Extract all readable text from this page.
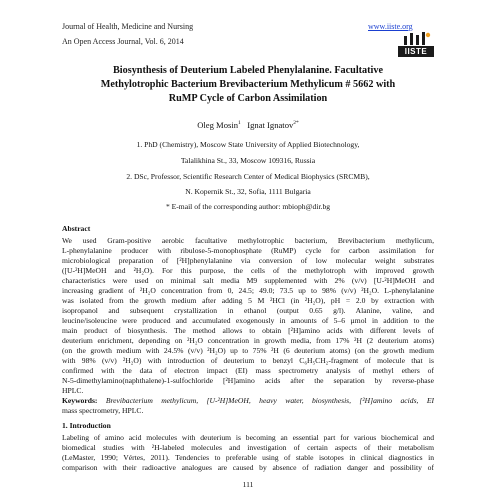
Journal of Health, Medicine and Nursing	www.iiste.org
An Open Access Journal, Vol. 6, 2014
IISTE
Biosynthesis of Deuterium Labeled Phenylalanine. Facultative
Methylotrophic Bacterium Brevibacterium Methylicum # 5662 with
RuMP Cycle of Carbon Assimilation
Oleg Mosin$^1$ Ignat Ignatov$^{2*}$
1. PhD (Chemistry), Moscow State University of Applied Biotechnology,
Talalikhina St., 33, Moscow 109316, Russia
2. DSc, Professor, Scientific Research Center of Medical Biophysics (SRCMB),
N. Kopernik St., 32, Sofia, 1111 Bulgaria
* E-mail of the corresponding author: mbioph@dir.bg
Abstract
We used Gram-positive aerobic facultative methylotrophic bacterium, Brevibacterium methylicum,
L-phenylalanine producer with ribulose-5-monophosphate (RuMP) cycle for carbon assimilation for
microbiological preparation of [²H]phenylalanine via conversion of low molecular weight substrates
([U-²H]MeOH and ²H₂O). For this purpose, the cells of the methylotroph with improved growth
characteristics were used on minimal salt media M9 supplemented with 2% (v/v) [U-²H]MeOH and
increasing gradient of ²H₂O concentration from 0, 24.5; 49.0; 73.5 up to 98% (v/v) ²H₂O. L-phenylalanine
was isolated from the growth medium after adding 5 M ²HCl (in ²H₂O), pH = 2.0 by extraction with
isopropanol and subsequent crystallization in ethanol (output 0.65 g/l). Alanine, valine, and
leucine/isoleucine were produced and accumulated exogenously in amounts of 5–6 µmol in addition to the
main product of biosynthesis. The method allows to obtain [²H]amino acids with different levels of
deuterium enrichment, depending on ²H₂O concentration in growth media, from 17% ²H (2 deuterium atoms)
(on the growth medium with 24.5% (v/v) ²H₂O) up to 75% ²H (6 deuterium atoms) (on the growth medium
with 98% (v/v) ²H₂O) with introduction of deuterium to benzyl C₆H₅CH₂-fragment of molecule that is
confirmed with the data of electron impact (EI) mass spectrometry analysis of methyl ethers of
N-5-dimethylamino(naphthalene)-1-sulfochloride [²H]amino acids after the separation by reverse-phase
HPLC.
Keywords: Brevibacterium methylicum, [U-²H]MeOH, heavy water, biosynthesis, [²H]amino acids, EI
mass spectrometry, HPLC.
1. Introduction
Labeling of amino acid molecules with deuterium is becoming an essential part for various biochemical and
biomedical studies with ²H-labeled molecules and investigation of certain aspects of their metabolism
(LeMaster, 1990; Vértes, 2011). Tendencies to preferable using of stable isotopes in clinical diagnostics in
comparison with their radioactive analogues are caused by absence of radiation danger and possibility of
111
